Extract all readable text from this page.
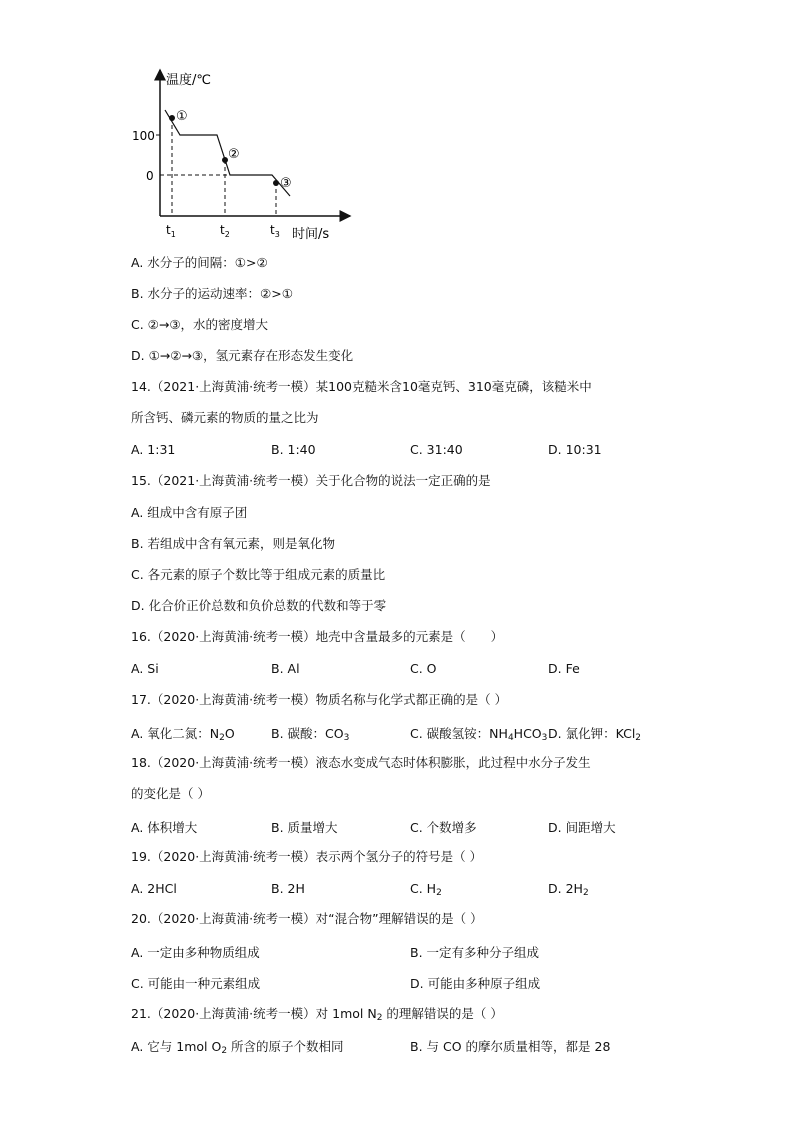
温度/℃
时间/s
100
0
①
②
③
$t_1$	$t_2$	$t_3$
A. 水分子的间隔：①>②
B. 水分子的运动速率：②>①
C. ②→③，水的密度增大
D. ①→②→③，氢元素存在形态发生变化
14.（2021·上海黄浦·统考一模）某100克糙米含10毫克钙、310毫克磷，该糙米中
所含钙、磷元素的物质的量之比为
A. 1:31	B. 1:40	C. 31:40	D. 10:31
15.（2021·上海黄浦·统考一模）关于化合物的说法一定正确的是
A. 组成中含有原子团
B. 若组成中含有氧元素，则是氧化物
C. 各元素的原子个数比等于组成元素的质量比
D. 化合价正价总数和负价总数的代数和等于零
16.（2020·上海黄浦·统考一模）地壳中含量最多的元素是（　　）
A. Si	B. Al	C. O	D. Fe
17.（2020·上海黄浦·统考一模）物质名称与化学式都正确的是（ ）
A. 氧化二氮：$N_2O$	B. 碳酸：$CO_3$	C. 碳酸氢铵：$NH_4HCO_3$ D. 氯化钾：KCl$_2$
18.（2020·上海黄浦·统考一模）液态水变成气态时体积膨胀，此过程中水分子发生
的变化是（ ）
A. 体积增大	B. 质量增大	C. 个数增多	D. 间距增大
19.（2020·上海黄浦·统考一模）表示两个氢分子的符号是（ ）
A. 2HCl	B. 2H	C. $H_2$	D. $2H_2$
20.（2020·上海黄浦·统考一模）对“混合物”理解错误的是（ ）
A. 一定由多种物质组成	B. 一定有多种分子组成
C. 可能由一种元素组成	D. 可能由多种原子组成
21.（2020·上海黄浦·统考一模）对 1mol $N_2$ 的理解错误的是（ ）
A. 它与 1mol $O_2$ 所含的原子个数相同	B. 与 CO 的摩尔质量相等，都是 28
